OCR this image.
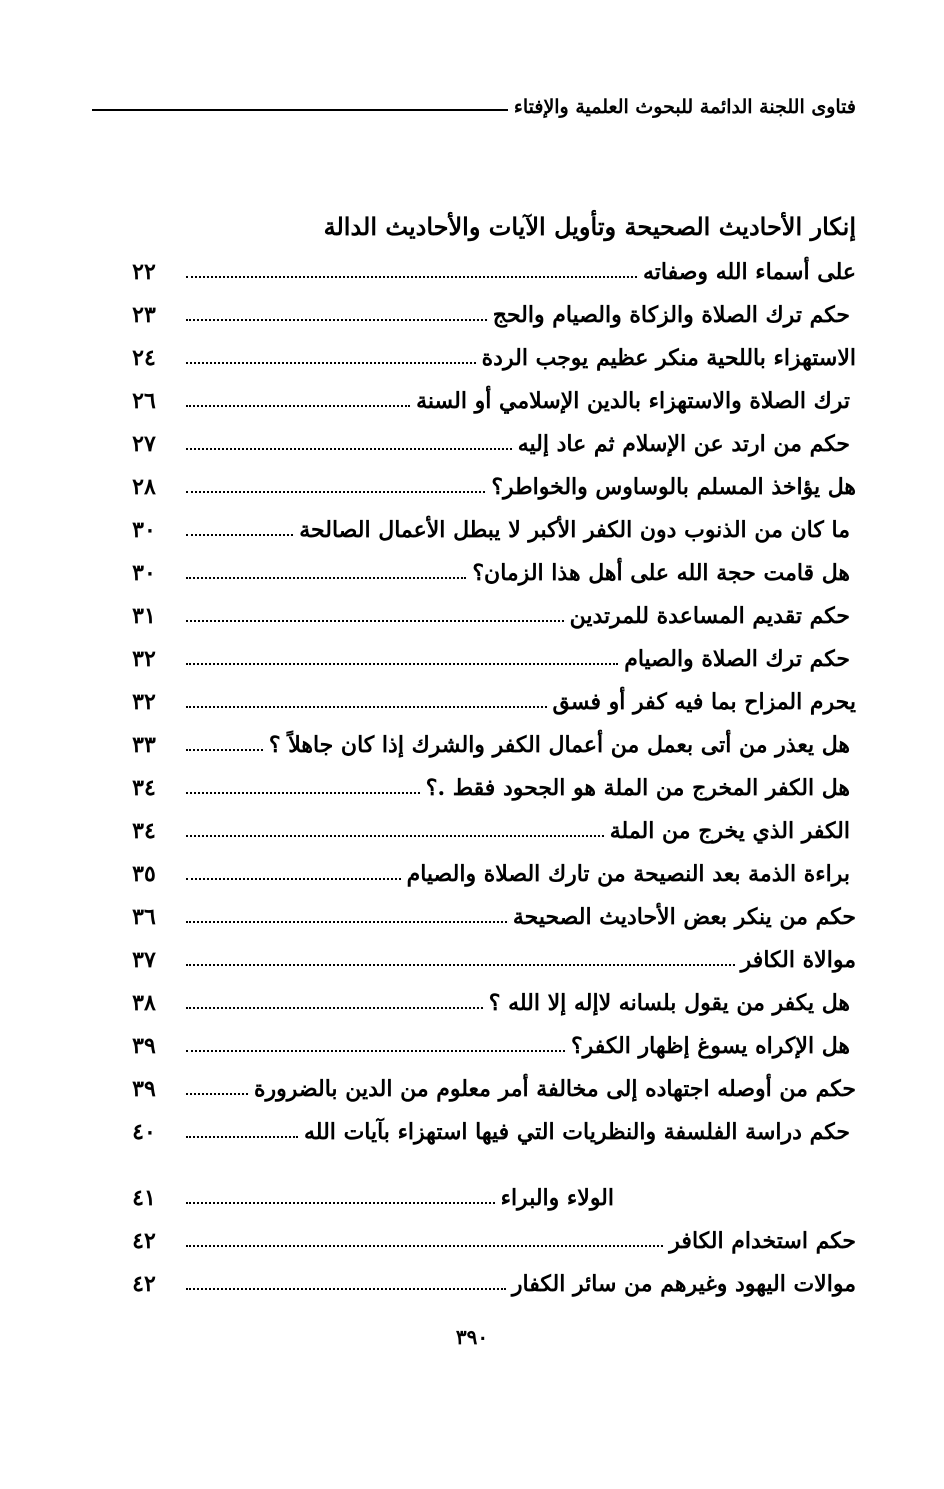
فتاوى اللجنة الدائمة للبحوث العلمية والإفتاء
إنكار الأحاديث الصحيحة وتأويل الآيات والأحاديث الدالة
على أسماء الله وصفاته
٢٢
حكم ترك الصلاة والزكاة والصيام والحج
٢٣
الاستهزاء باللحية منكر عظيم يوجب الردة
٢٤
ترك الصلاة والاستهزاء بالدين الإسلامي أو السنة
٢٦
حكم من ارتد عن الإسلام ثم عاد إليه
٢٧
هل يؤاخذ المسلم بالوساوس والخواطر؟
٢٨
ما كان من الذنوب دون الكفر الأكبر لا يبطل الأعمال الصالحة
٣٠
هل قامت حجة الله على أهل هذا الزمان؟
٣٠
حكم تقديم المساعدة للمرتدين
٣١
حكم ترك الصلاة والصيام
٣٢
يحرم المزاح بما فيه كفر أو فسق
٣٢
هل يعذر من أتى بعمل من أعمال الكفر والشرك إذا كان جاهلاً ؟
٣٣
هل الكفر المخرج من الملة هو الجحود فقط .؟
٣٤
الكفر الذي يخرج من الملة
٣٤
براءة الذمة بعد النصيحة من تارك الصلاة والصيام
٣٥
حكم من ينكر بعض الأحاديث الصحيحة
٣٦
موالاة الكافر
٣٧
هل يكفر من يقول بلسانه لاإله إلا الله ؟
٣٨
هل الإكراه يسوغ إظهار الكفر؟
٣٩
حكم من أوصله اجتهاده إلى مخالفة أمر معلوم من الدين بالضرورة
٣٩
حكم دراسة الفلسفة والنظريات التي فيها استهزاء بآيات الله
٤٠
الولاء والبراء
٤١
حكم استخدام الكافر
٤٢
موالات اليهود وغيرهم من سائر الكفار
٤٢
٣٩٠
